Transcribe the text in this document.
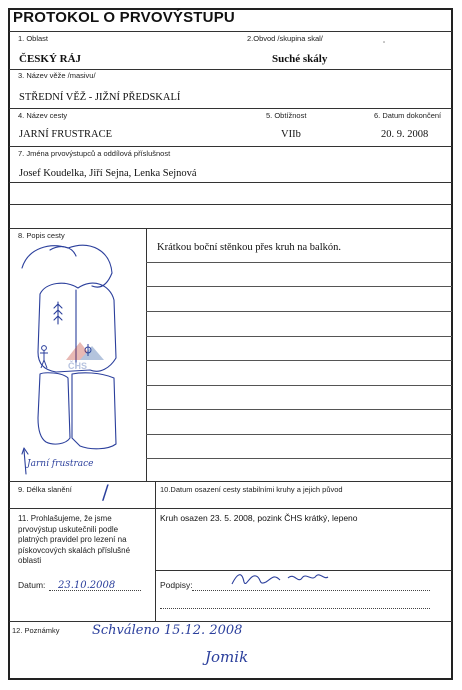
PROTOKOL O PRVOVÝSTUPU
1. Oblast	2.Obvod /skupina skal/
ČESKÝ RÁJ	Suché skály
▫
3. Název věže /masivu/
STŘEDNÍ VĚŽ - JIŽNÍ PŘEDSKALÍ
4. Název cesty	5. Obtížnost	6. Datum dokončení
JARNÍ FRUSTRACE	VIIb	20. 9. 2008
7. Jména prvovýstupců a oddílová příslušnost
Josef Koudelka, Jiří Sejna, Lenka Sejnová
8. Popis cesty
Krátkou boční stěnkou přes kruh na balkón.
ČHS
Jarní frustrace
9. Délka slanění /	10.Datum osazení cesty stabilními kruhy a jejich původ
11. Prohlašujeme, že jsme prvovýstup uskutečnili podle platných pravidel pro lezení na pískovcových skalách příslušné oblasti
Kruh osazen 23. 5. 2008, pozink ČHS krátký, lepeno
Datum: 23.10.2008	Podpisy:
12. Poznámky Schváleno 15.12. 2008
Jomik
